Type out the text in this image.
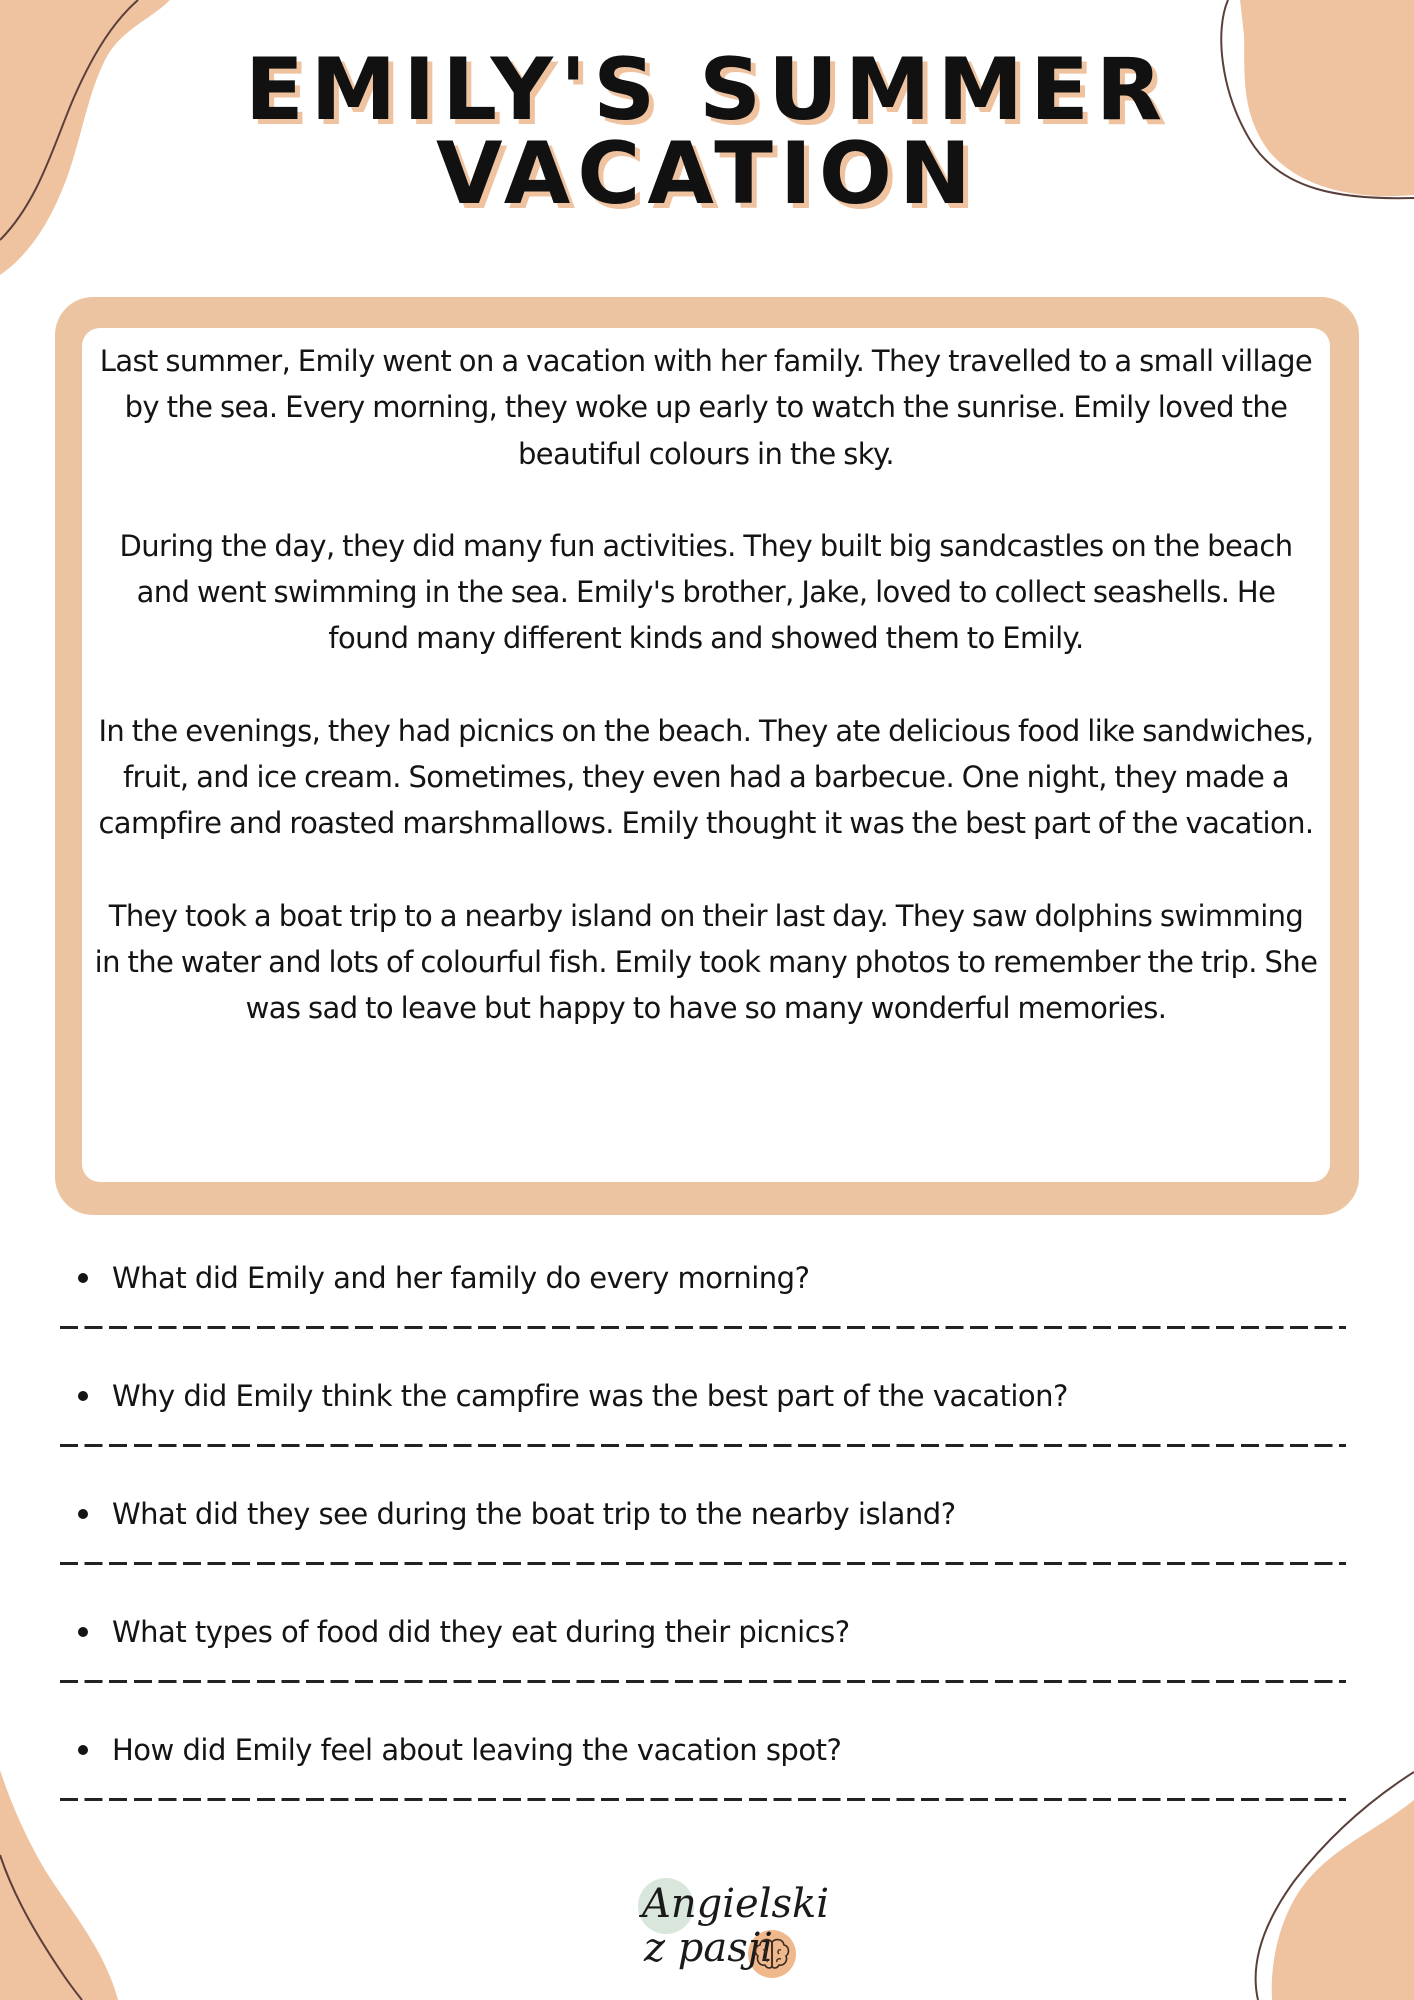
EMILY'S SUMMER
VACATION

Last summer, Emily went on a vacation with her family. They travelled to a small village by the sea. Every morning, they woke up early to watch the sunrise. Emily loved the beautiful colours in the sky.

During the day, they did many fun activities. They built big sandcastles on the beach and went swimming in the sea. Emily's brother, Jake, loved to collect seashells. He found many different kinds and showed them to Emily.

In the evenings, they had picnics on the beach. They ate delicious food like sandwiches, fruit, and ice cream. Sometimes, they even had a barbecue. One night, they made a campfire and roasted marshmallows. Emily thought it was the best part of the vacation.

They took a boat trip to a nearby island on their last day. They saw dolphins swimming in the water and lots of colourful fish. Emily took many photos to remember the trip. She was sad to leave but happy to have so many wonderful memories.

What did Emily and her family do every morning?
Why did Emily think the campfire was the best part of the vacation?
What did they see during the boat trip to the nearby island?
What types of food did they eat during their picnics?
How did Emily feel about leaving the vacation spot?
Angielski
z pasji
